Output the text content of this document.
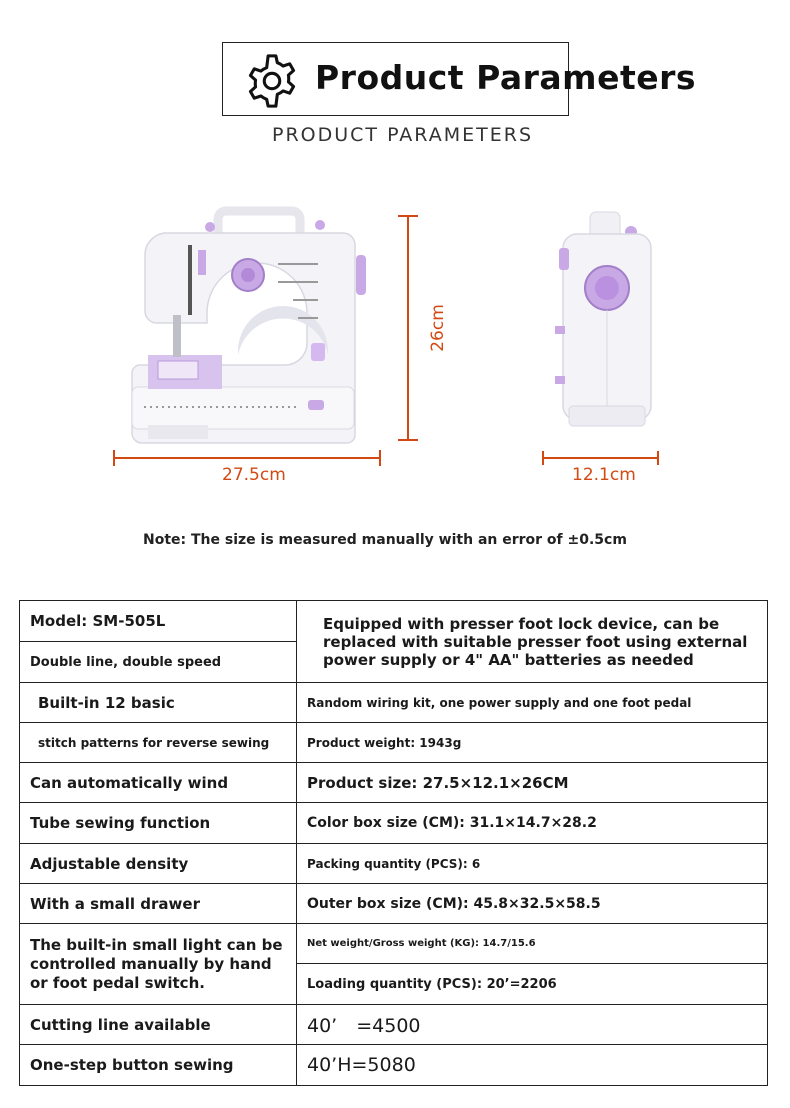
Product Parameters
PRODUCT PARAMETERS
26cm
27.5cm	12.1cm
Note: The size is measured manually with an error of ±0.5cm
Model: SM-505L	Equipped with presser foot lock device, can be replaced with suitable presser foot using external power supply or 4" AA" batteries as needed
Double line, double speed	
Built-in 12 basic	Random wiring kit, one power supply and one foot pedal
stitch patterns for reverse sewing	Product weight: 1943g
Can automatically wind	Product size: 27.5×12.1×26CM
Tube sewing function	Color box size (CM): 31.1×14.7×28.2
Adjustable density	Packing quantity (PCS): 6
With a small drawer	Outer box size (CM): 45.8×32.5×58.5
The built-in small light can be controlled manually by hand or foot pedal switch.	Net weight/Gross weight (KG): 14.7/15.6
	Loading quantity (PCS): 20’=2206
Cutting line available	40’　=4500
One-step button sewing	40’H=5080
